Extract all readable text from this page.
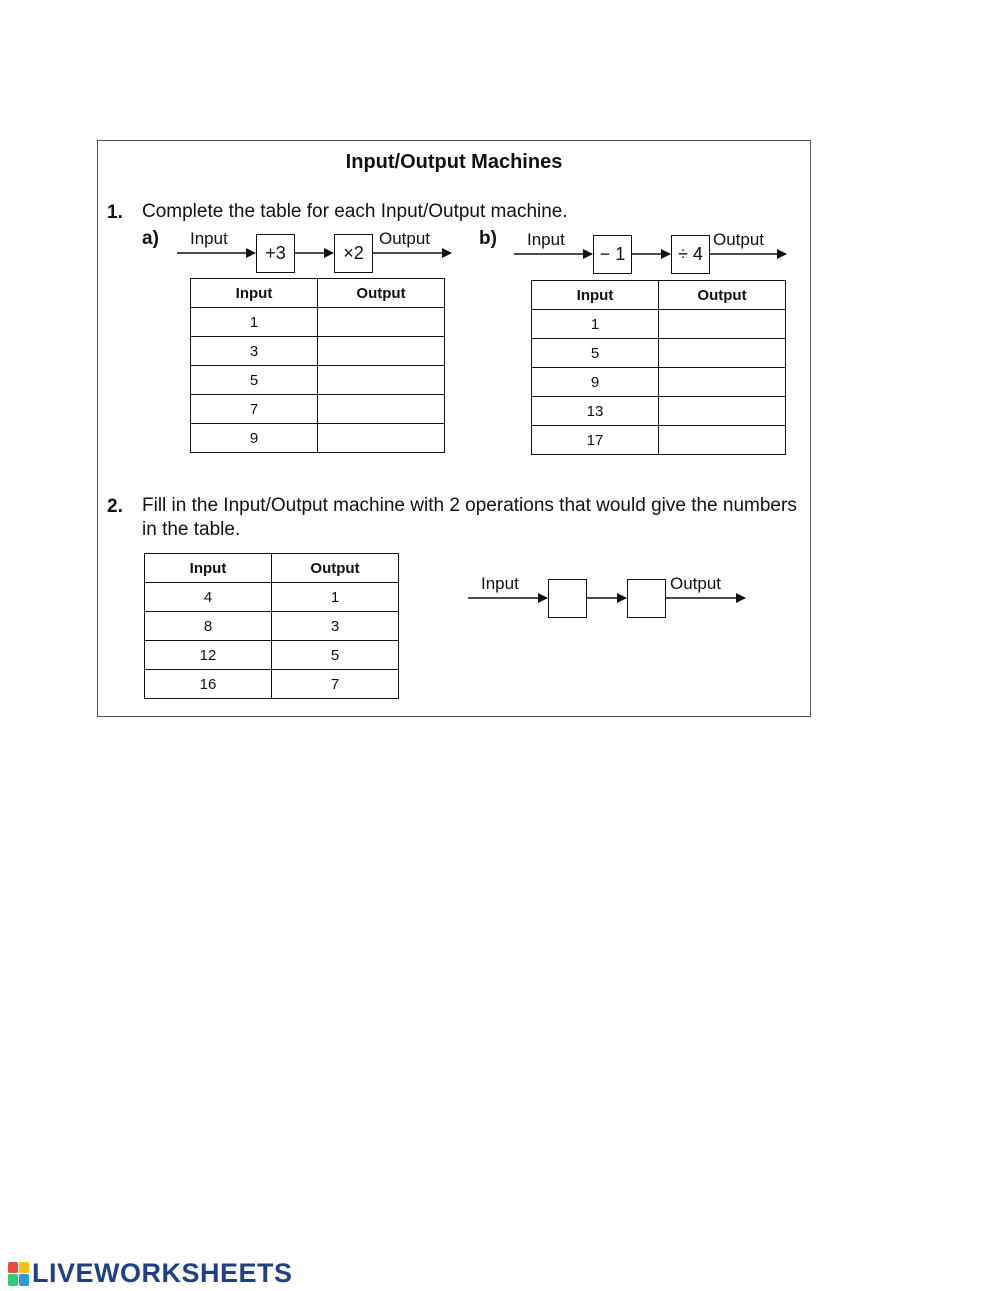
Input/Output Machines
1. Complete the table for each Input/Output machine.
a) Input	Output
+3	×2
b) Input	Output
− 1	÷ 4
Input	Output
1	
3	
5	
7	
9	
Input	Output
1	
5	
9	
13	
17	
2. Fill in the Input/Output machine with 2 operations that would give the numbers in the table.
Input	Output
4	1
8	3
12	5
16	7
Input	Output
LIVEWORKSHEETS
